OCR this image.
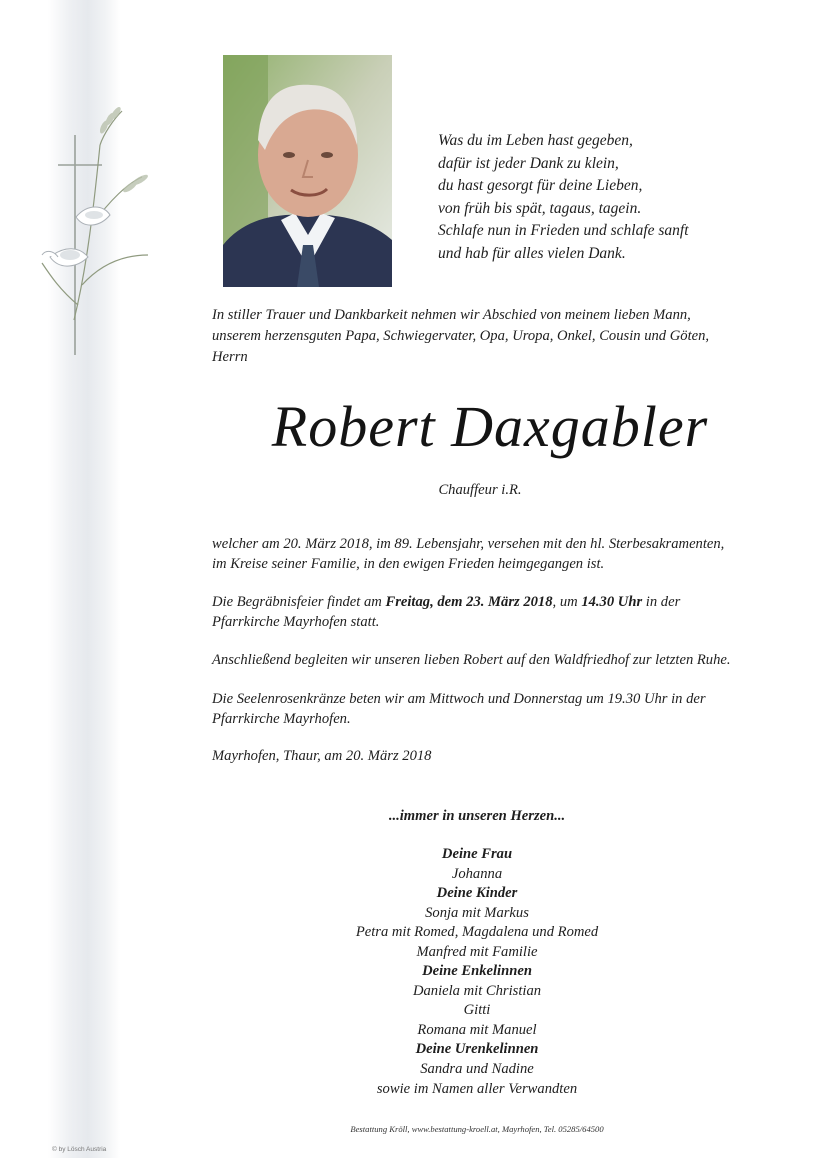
Was du im Leben hast gegeben,
dafür ist jeder Dank zu klein,
du hast gesorgt für deine Lieben,
von früh bis spät, tagaus, tagein.
Schlafe nun in Frieden und schlafe sanft
und hab für alles vielen Dank.
In stiller Trauer und Dankbarkeit nehmen wir Abschied von meinem lieben Mann,
unserem herzensguten Papa, Schwiegervater, Opa, Uropa, Onkel, Cousin und Göten,
Herrn
Robert Daxgabler
Chauffeur i.R.
welcher am 20. März 2018, im 89. Lebensjahr, versehen mit den hl. Sterbesakramenten,
im Kreise seiner Familie, in den ewigen Frieden heimgegangen ist.
Die Begräbnisfeier findet am Freitag, dem 23. März 2018, um 14.30 Uhr in der
Pfarrkirche Mayrhofen statt.
Anschließend begleiten wir unseren lieben Robert auf den Waldfriedhof zur letzten Ruhe.
Die Seelenrosenkränze beten wir am Mittwoch und Donnerstag um 19.30 Uhr in der
Pfarrkirche Mayrhofen.
Mayrhofen, Thaur, am 20. März 2018
...immer in unseren Herzen...
Deine Frau
Johanna
Deine Kinder
Sonja mit Markus
Petra mit Romed, Magdalena und Romed
Manfred mit Familie
Deine Enkelinnen
Daniela mit Christian
Gitti
Romana mit Manuel
Deine Urenkelinnen
Sandra und Nadine
sowie im Namen aller Verwandten
Bestattung Kröll, www.bestattung-kroell.at, Mayrhofen, Tel. 05285/64500
© by Lösch Austria
